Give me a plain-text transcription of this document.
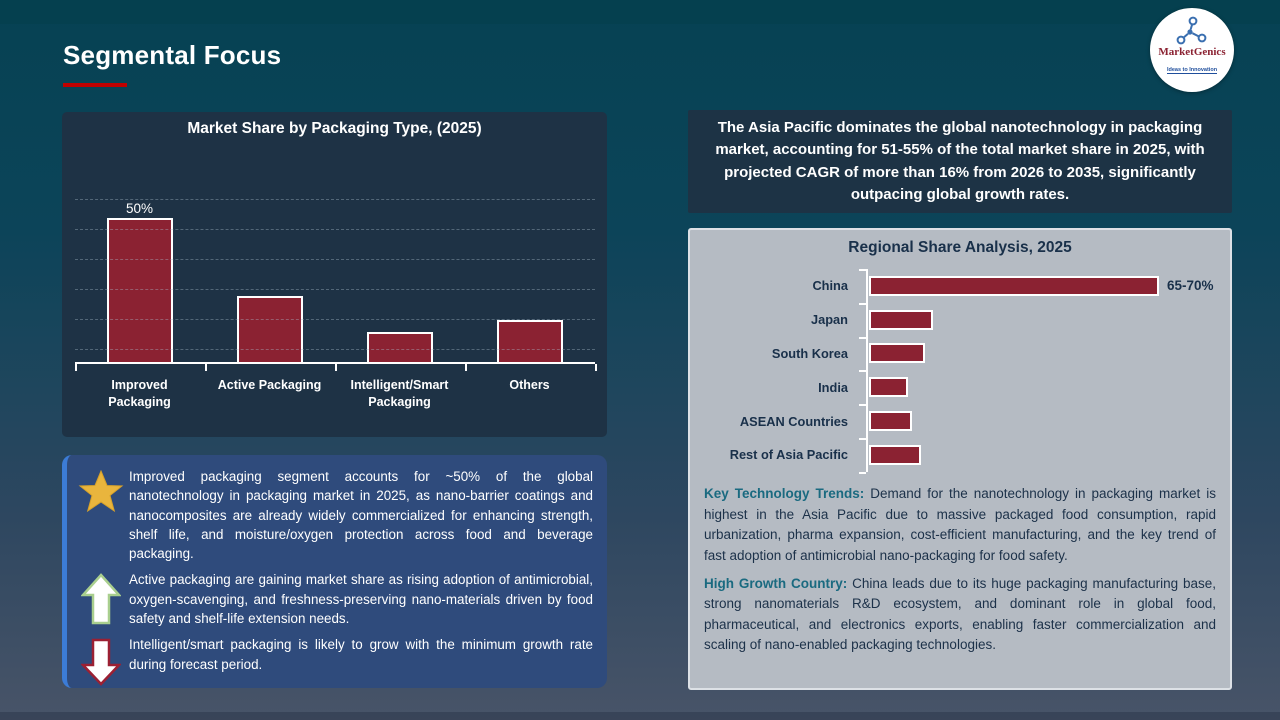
Segmental Focus	MarketGenics
Ideas to Innovation
Market Share by Packaging Type, (2025)
50%
Improved Packaging
Active Packaging	Intelligent/Smart Packaging
Others
Improved packaging segment accounts for ~50% of the global nanotechnology in packaging market in 2025, as nano-barrier coatings and nanocomposites are already widely commercialized for enhancing strength, shelf life, and moisture/oxygen protection across food and beverage packaging.
Active packaging are gaining market share as rising adoption of antimicrobial, oxygen-scavenging, and freshness-preserving nano-materials driven by food safety and shelf-life extension needs.
Intelligent/smart packaging is likely to grow with the minimum growth rate during forecast period.
The Asia Pacific dominates the global nanotechnology in packaging market, accounting for 51-55% of the total market share in 2025, with projected CAGR of more than 16% from 2026 to 2035, significantly outpacing global growth rates.
Regional Share Analysis, 2025
China	65-70%
Japan
South Korea
India
ASEAN Countries
Rest of Asia Pacific
Key Technology Trends: Demand for the nanotechnology in packaging market is highest in the Asia Pacific due to massive packaged food consumption, rapid urbanization, pharma expansion, cost-efficient manufacturing, and the key trend of fast adoption of antimicrobial nano-packaging for food safety.
High Growth Country: China leads due to its huge packaging manufacturing base, strong nanomaterials R&D ecosystem, and dominant role in global food, pharmaceutical, and electronics exports, enabling faster commercialization and scaling of nano-enabled packaging technologies.
